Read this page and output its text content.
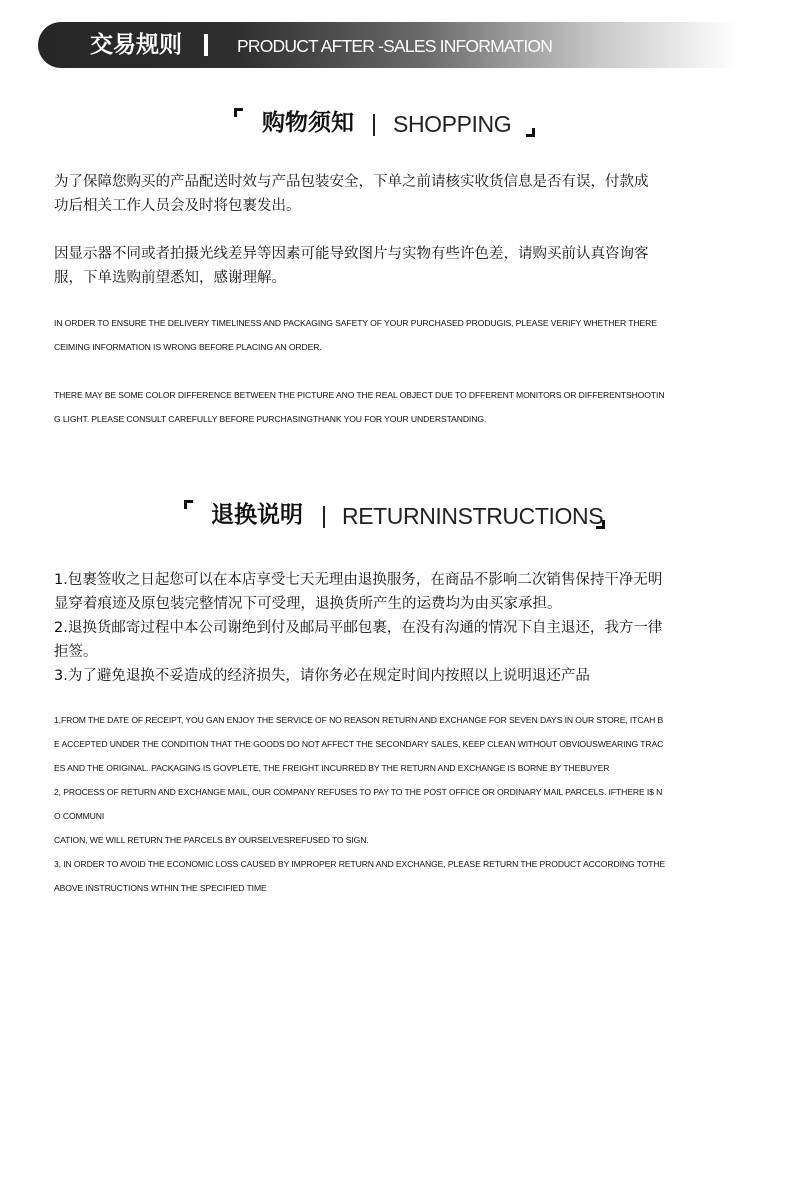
交易规则	PRODUCT AFTER -SALES INFORMATION
购物须知 SHOPPING

为了保障您购买的产品配送时效与产品包装安全，下单之前请核实收货信息是否有误，付款成
功后相关工作人员会及时将包裹发出。

因显示器不同或者拍摄光线差异等因素可能导致图片与实物有些许色差，请购买前认真咨询客
服，下单选购前望悉知，感谢理解。

IN ORDER TO ENSURE THE DELIVERY TIMELINESS AND PACKAGING SAFETY OF YOUR PURCHASED PRODUGIS, PLEASE VERIFY WHETHER THERE
CEIMING INFORMATION IS WRONG BEFORE PLACING AN ORDER.

THERE MAY BE SOME COLOR DIFFERENCE BETWEEN THE PICTURE ANO THE REAL OBJECT DUE TO DFFERENT MONITORS OR DIFFERENTSHOOTIN
G LIGHT. PLEASE CONSULT CAREFULLY BEFORE PURCHASINGTHANK YOU FOR YOUR UNDERSTANDING.

退换说明 RETURNINSTRUCTIONS

1.包裹签收之日起您可以在本店享受七天无理由退换服务，在商品不影响二次销售保持干净无明
显穿着痕迹及原包装完整情况下可受理，退换货所产生的运费均为由买家承担。
2.退换货邮寄过程中本公司谢绝到付及邮局平邮包裹，在没有沟通的情况下自主退还，我方一律
拒签。
3.为了避免退换不妥造成的经济损失，请你务必在规定时间内按照以上说明退还产品

1,FROM THE DATE OF RECEIPT, YOU GAN ENJOY THE SERVICE OF NO REASON RETURN AND EXCHANGE FOR SEVEN DAYS IN OUR STORE, ITCAH B
E ACCEPTED UNDER THE CONDITION THAT THE GOODS DO NOT AFFECT THE SECONDARY SALES, KEEP CLEAN WITHOUT OBVIOUSWEARING TRAC
ES AND THE ORIGINAL. PACKAGING IS GOVPLETE, THE FREIGHT INCURRED BY THE RETURN AND EXCHANGE IS BORNE BY THEBUYER
2, PROCESS OF RETURN AND EXCHANGE MAIL, OUR COMPANY REFUSES TO PAY TO THE POST OFFICE OR ORDINARY MAIL PARCELS. IFTHERE I$ N
O COMMUNI
CATION, WE WILL RETURN THE PARCELS BY OURSELVESREFUSED TO SIGN.
3, IN ORDER TO AVOID THE ECONOMIC LOSS CAUSED BY IMPROPER RETURN AND EXCHANGE, PLEASE RETURN THE PRODUCT ACCORDING TOTHE
ABOVE INSTRUCTIONS WTHIN THE SPECIFIED TIME
